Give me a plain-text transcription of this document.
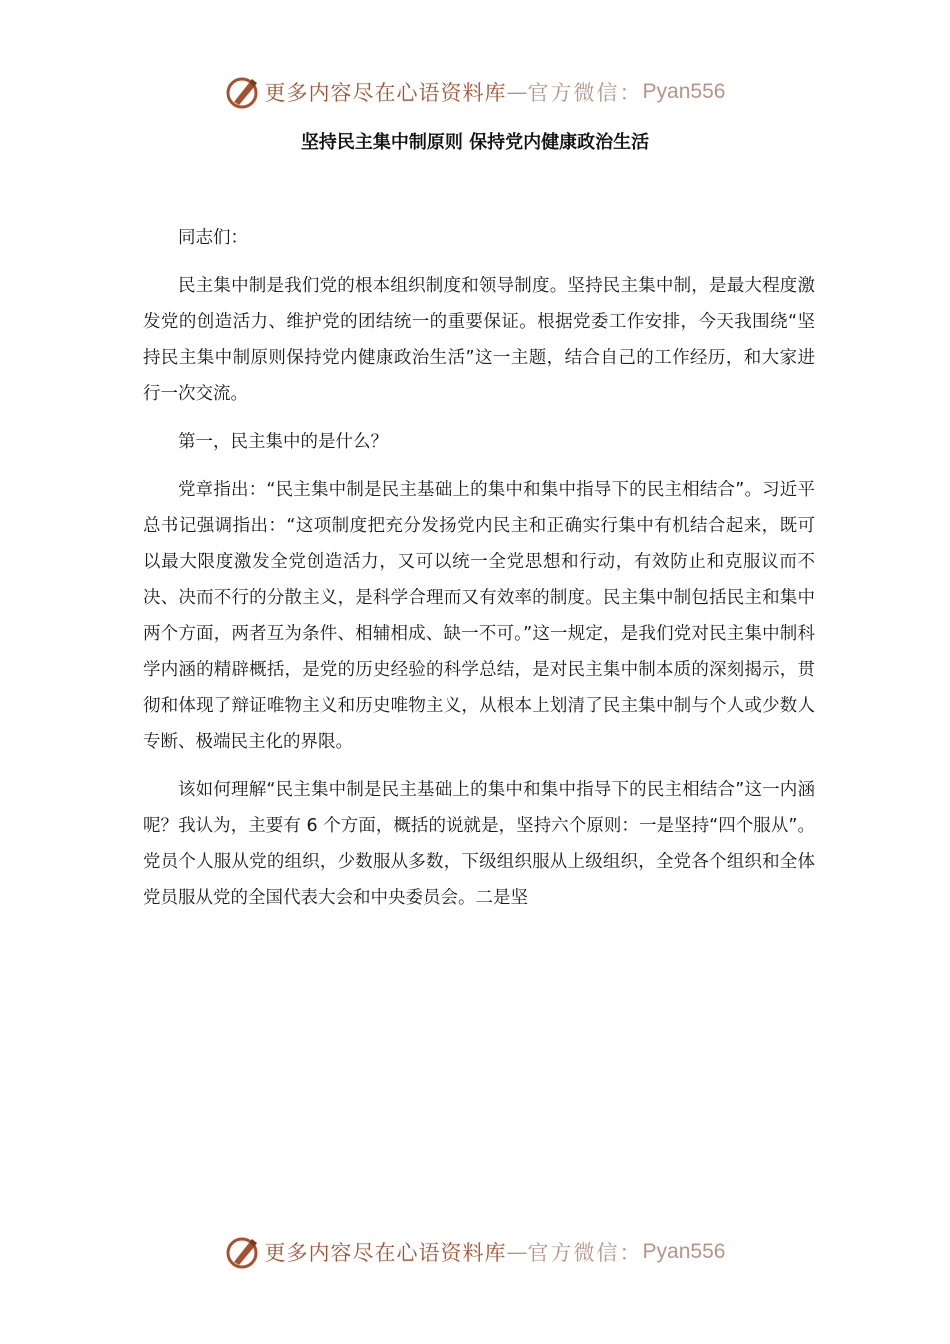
更多内容尽在心语资料库 — 官方微信： Pyan556
坚持民主集中制原则 保持党内健康政治生活

同志们：

民主集中制是我们党的根本组织制度和领导制度。坚持民主集中制，是最大程度激发党的创造活力、维护党的团结统一的重要保证。根据党委工作安排，今天我围绕“坚持民主集中制原则保持党内健康政治生活”这一主题，结合自己的工作经历，和大家进行一次交流。

第一，民主集中的是什么？

党章指出：“民主集中制是民主基础上的集中和集中指导下的民主相结合”。习近平总书记强调指出：“这项制度把充分发扬党内民主和正确实行集中有机结合起来，既可以最大限度激发全党创造活力，又可以统一全党思想和行动，有效防止和克服议而不决、决而不行的分散主义，是科学合理而又有效率的制度。民主集中制包括民主和集中两个方面，两者互为条件、相辅相成、缺一不可。”这一规定，是我们党对民主集中制科学内涵的精辟概括，是党的历史经验的科学总结，是对民主集中制本质的深刻揭示，贯彻和体现了辩证唯物主义和历史唯物主义，从根本上划清了民主集中制与个人或少数人专断、极端民主化的界限。

该如何理解“民主集中制是民主基础上的集中和集中指导下的民主相结合”这一内涵呢？我认为，主要有 6 个方面，概括的说就是，坚持六个原则：一是坚持“四个服从”。党员个人服从党的组织，少数服从多数，下级组织服从上级组织，全党各个组织和全体党员服从党的全国代表大会和中央委员会。二是坚

更多内容尽在心语资料库 — 官方微信： Pyan556
